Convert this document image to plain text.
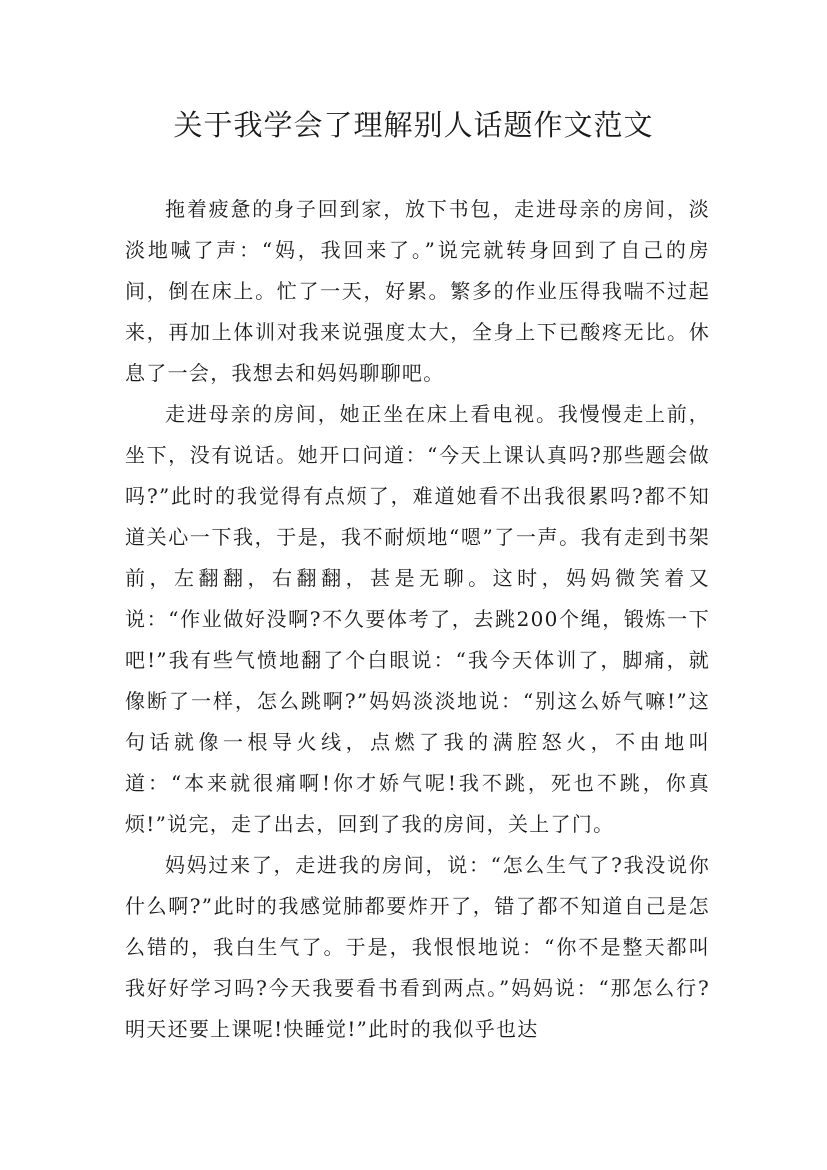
关于我学会了理解别人话题作文范文

拖着疲惫的身子回到家，放下书包，走进母亲的房间，淡淡地喊了声：“妈，我回来了。”说完就转身回到了自己的房间，倒在床上。忙了一天，好累。繁多的作业压得我喘不过起来，再加上体训对我来说强度太大，全身上下已酸疼无比。休息了一会，我想去和妈妈聊聊吧。

走进母亲的房间，她正坐在床上看电视。我慢慢走上前，坐下，没有说话。她开口问道：“今天上课认真吗?那些题会做吗?”此时的我觉得有点烦了，难道她看不出我很累吗?都不知道关心一下我，于是，我不耐烦地“嗯”了一声。我有走到书架前，左翻翻，右翻翻，甚是无聊。这时，妈妈微笑着又说：“作业做好没啊?不久要体考了，去跳200个绳，锻炼一下吧!”我有些气愤地翻了个白眼说：“我今天体训了，脚痛，就像断了一样，怎么跳啊?”妈妈淡淡地说：“别这么娇气嘛!”这句话就像一根导火线，点燃了我的满腔怒火，不由地叫道：“本来就很痛啊!你才娇气呢!我不跳，死也不跳，你真烦!”说完，走了出去，回到了我的房间，关上了门。

妈妈过来了，走进我的房间，说：“怎么生气了?我没说你什么啊?”此时的我感觉肺都要炸开了，错了都不知道自己是怎么错的，我白生气了。于是，我恨恨地说：“你不是整天都叫我好好学习吗?今天我要看书看到两点。”妈妈说：“那怎么行?明天还要上课呢!快睡觉!”此时的我似乎也达
